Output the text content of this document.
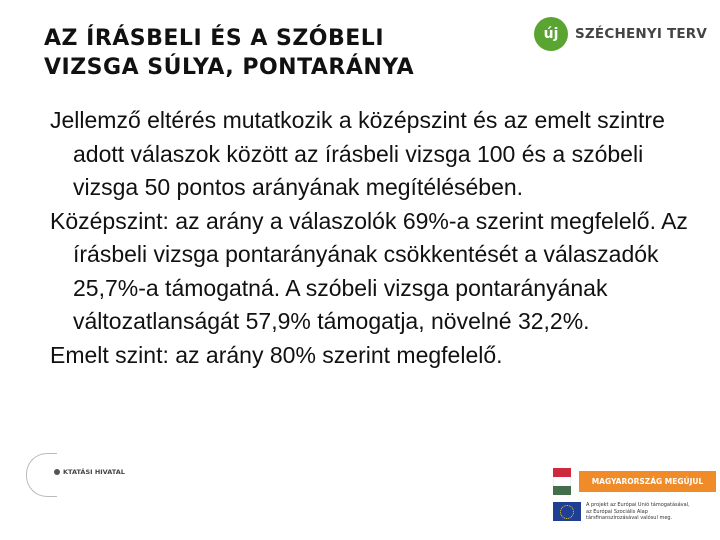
AZ ÍRÁSBELI ÉS A SZÓBELI
VIZSGA SÚLYA, PONTARÁNYA
új	SZÉCHENYI TERV

Jellemző eltérés mutatkozik a középszint és az emelt szintre adott válaszok között az írásbeli vizsga 100 és a szóbeli vizsga 50 pontos arányának megítélésében.

Középszint: az arány a válaszolók 69%-a szerint megfelelő. Az írásbeli vizsga pontarányának csökkentését a válaszadók 25,7%-a támogatná. A szóbeli vizsga pontarányának változatlanságát 57,9% támogatja, növelné 32,2%.

Emelt szint: az arány 80% szerint megfelelő.

KTATÁSI HIVATAL
MAGYARORSZÁG MEGÚJUL
A projekt az Európai Unió támogatásával,
az Európai Szociális Alap
társfinanszírozásával valósul meg.
